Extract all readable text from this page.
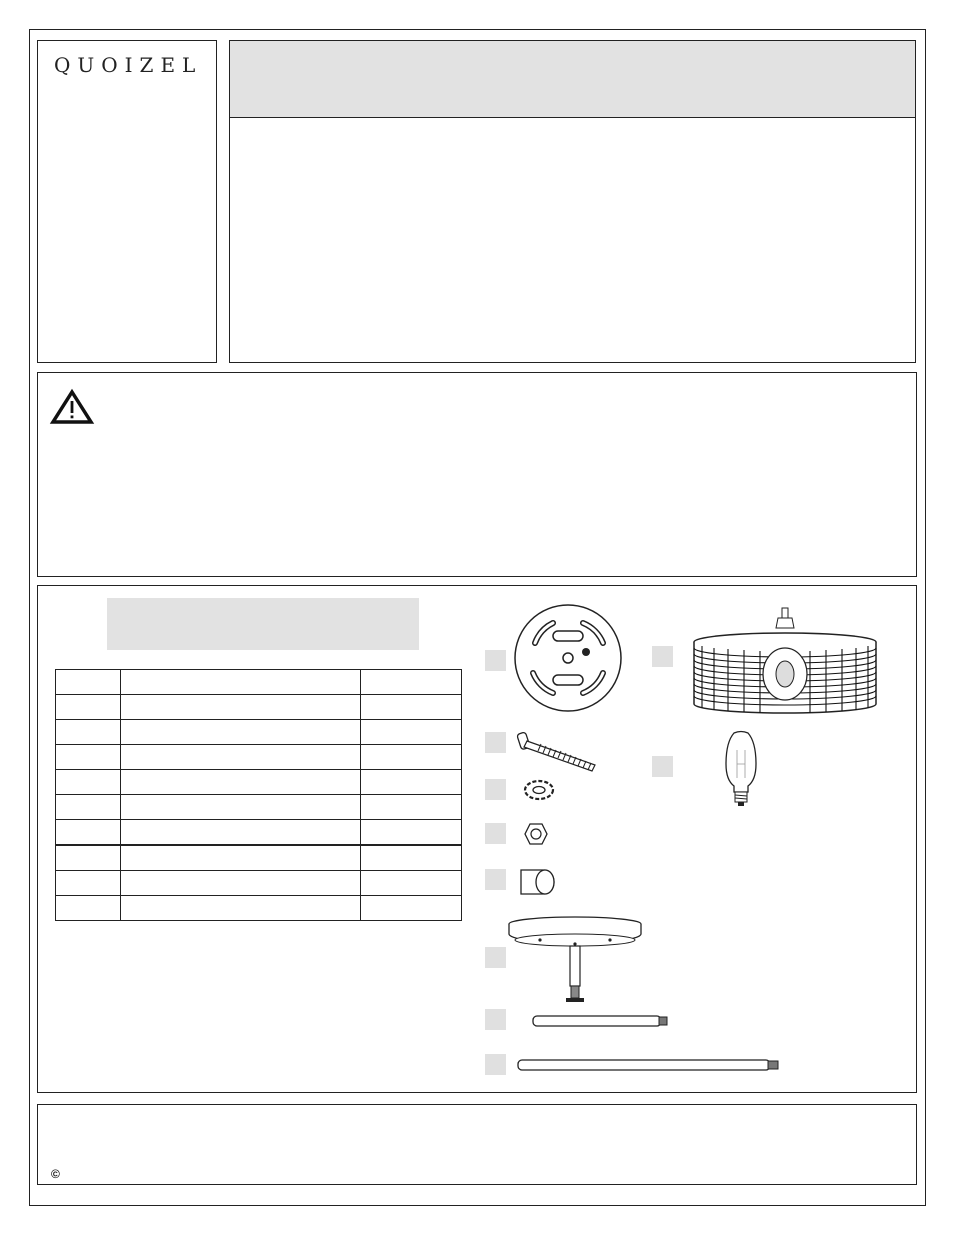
QUOIZEL

©
